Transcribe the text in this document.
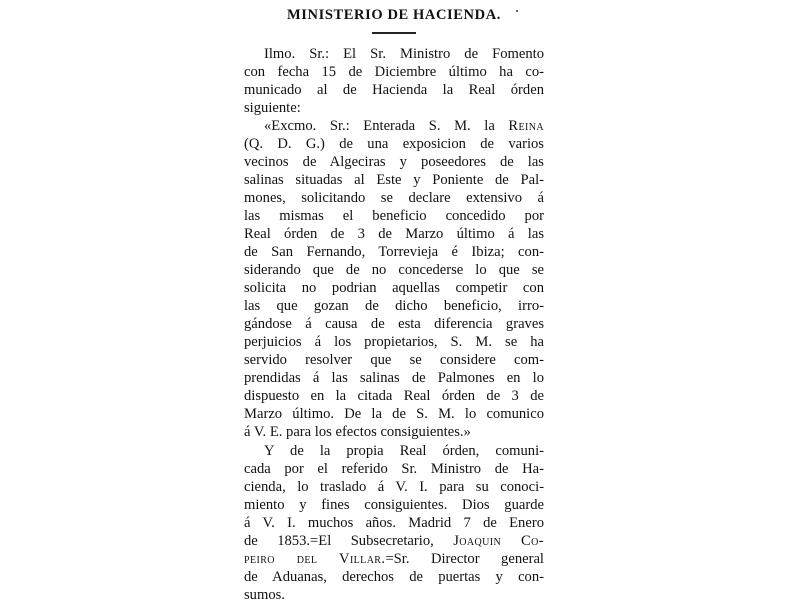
MINISTERIO DE HACIENDA.
Ilmo. Sr.: El Sr. Ministro de Fomento
con fecha 15 de Diciembre último ha co-
municado al de Hacienda la Real órden
siguiente:
«Excmo. Sr.: Enterada S. M. la Reina
(Q. D. G.) de una exposicion de varios
vecinos de Algeciras y poseedores de las
salinas situadas al Este y Poniente de Pal-
mones, solicitando se declare extensivo á
las mismas el beneficio concedido por
Real órden de 3 de Marzo último á las
de San Fernando, Torrevieja é Ibiza; con-
siderando que de no concederse lo que se
solicita no podrian aquellas competir con
las que gozan de dicho beneficio, irro-
gándose á causa de esta diferencia graves
perjuicios á los propietarios, S. M. se ha
servido resolver que se considere com-
prendidas á las salinas de Palmones en lo
dispuesto en la citada Real órden de 3 de
Marzo último. De la de S. M. lo comunico
á V. E. para los efectos consiguientes.»
Y de la propia Real órden, comuni-
cada por el referido Sr. Ministro de Ha-
cienda, lo traslado á V. I. para su conoci-
miento y fines consiguientes. Dios guarde
á V. I. muchos años. Madrid 7 de Enero
de 1853.=El Subsecretario, Joaquin Co-
peiro del Villar.=Sr. Director general
de Aduanas, derechos de puertas y con-
sumos.
